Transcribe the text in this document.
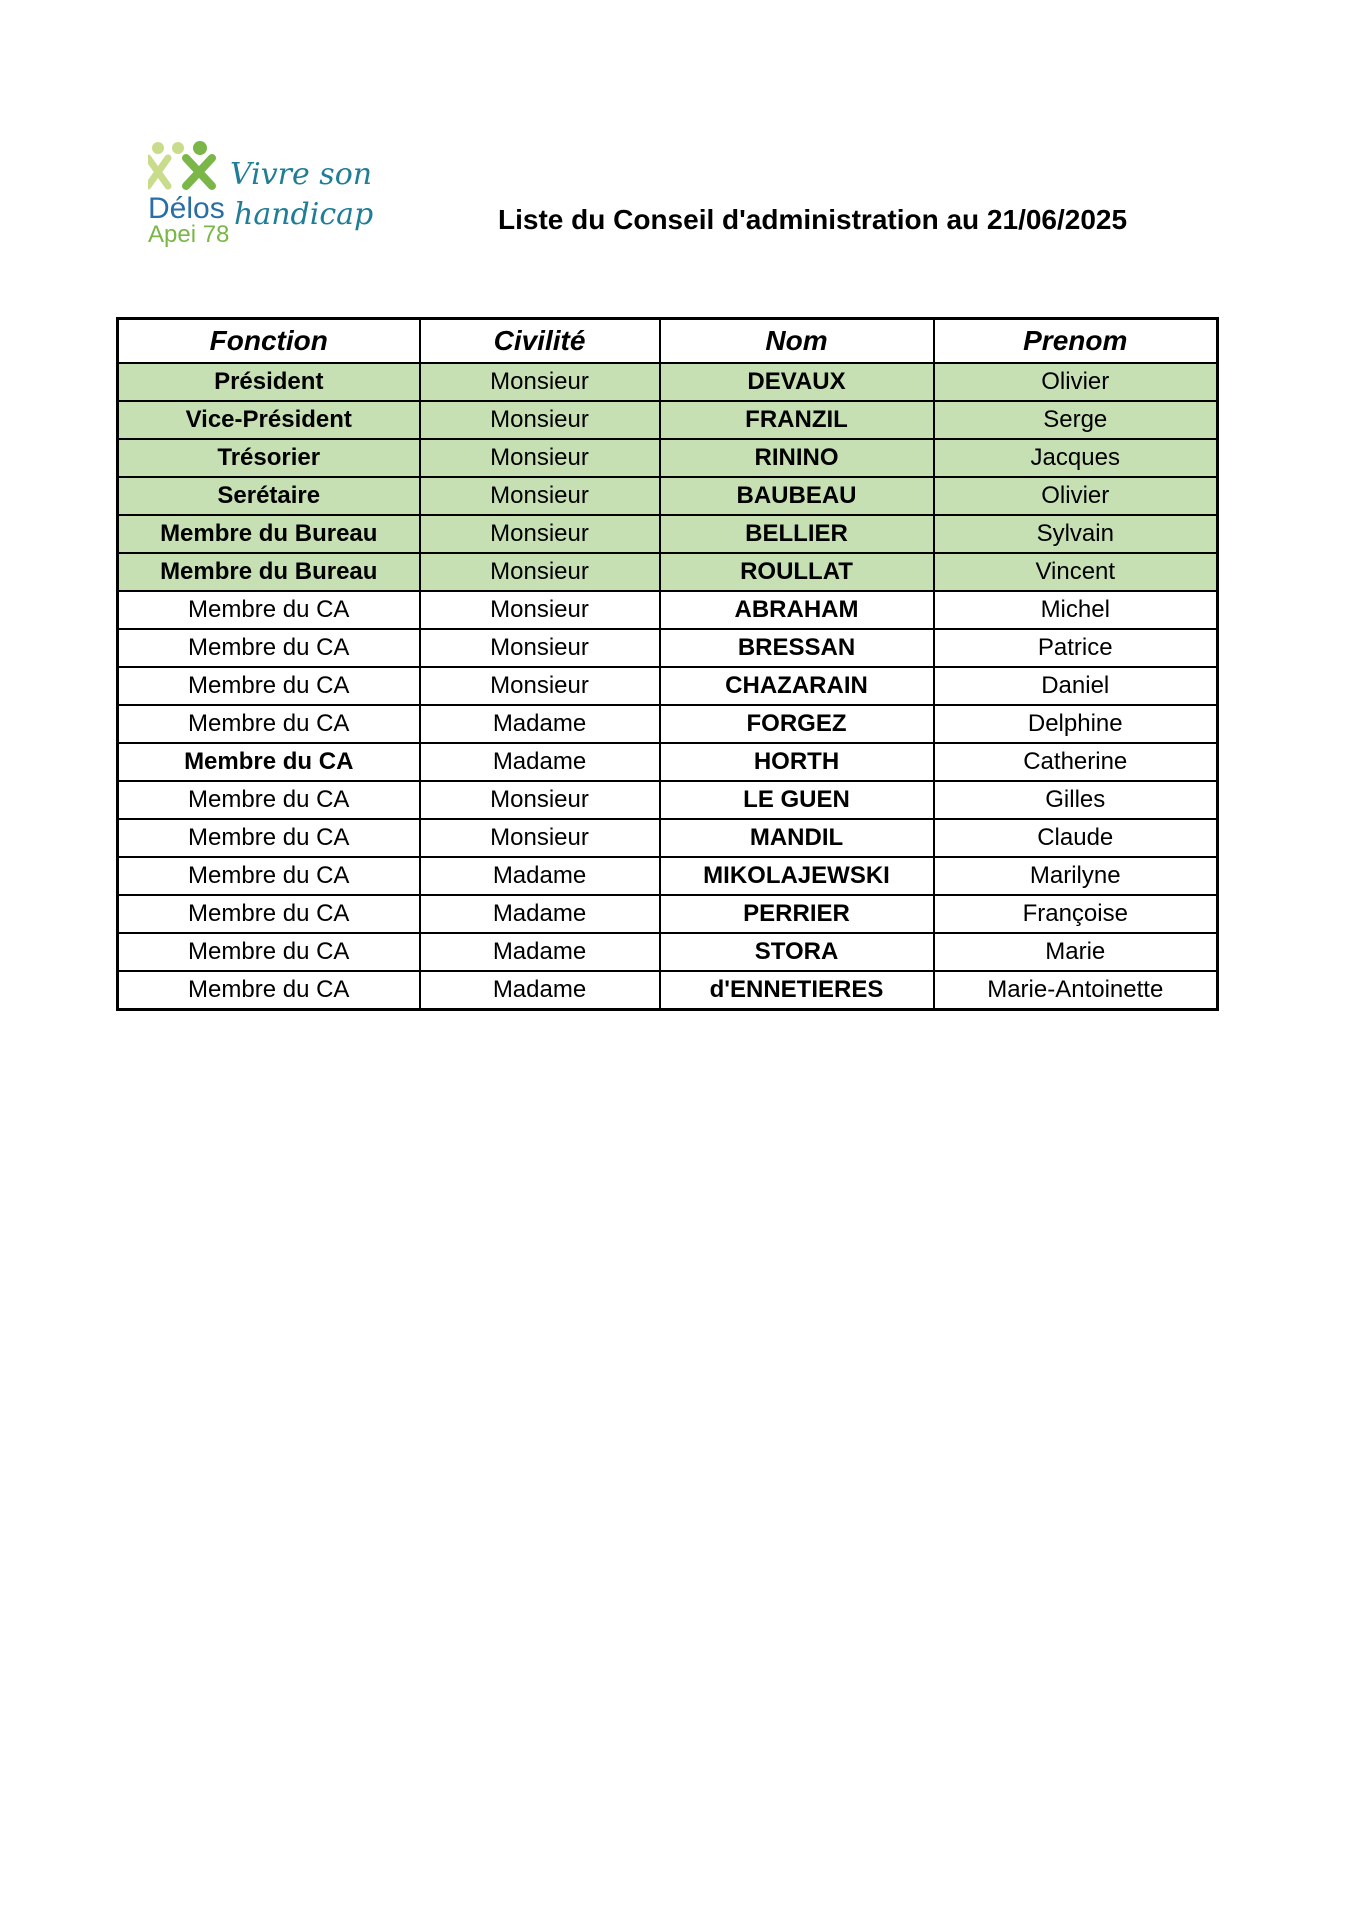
Délos
Apei 78
Vivre son
handicap	Liste du Conseil d'administration au 21/06/2025
Fonction	Civilité	Nom	Prenom
Président	Monsieur	DEVAUX	Olivier
Vice-Président	Monsieur	FRANZIL	Serge
Trésorier	Monsieur	RININO	Jacques
Serétaire	Monsieur	BAUBEAU	Olivier
Membre du Bureau	Monsieur	BELLIER	Sylvain
Membre du Bureau	Monsieur	ROULLAT	Vincent
Membre du CA	Monsieur	ABRAHAM	Michel
Membre du CA	Monsieur	BRESSAN	Patrice
Membre du CA	Monsieur	CHAZARAIN	Daniel
Membre du CA	Madame	FORGEZ	Delphine
Membre du CA	Madame	HORTH	Catherine
Membre du CA	Monsieur	LE GUEN	Gilles
Membre du CA	Monsieur	MANDIL	Claude
Membre du CA	Madame	MIKOLAJEWSKI	Marilyne
Membre du CA	Madame	PERRIER	Françoise
Membre du CA	Madame	STORA	Marie
Membre du CA	Madame	d'ENNETIERES	Marie-Antoinette
